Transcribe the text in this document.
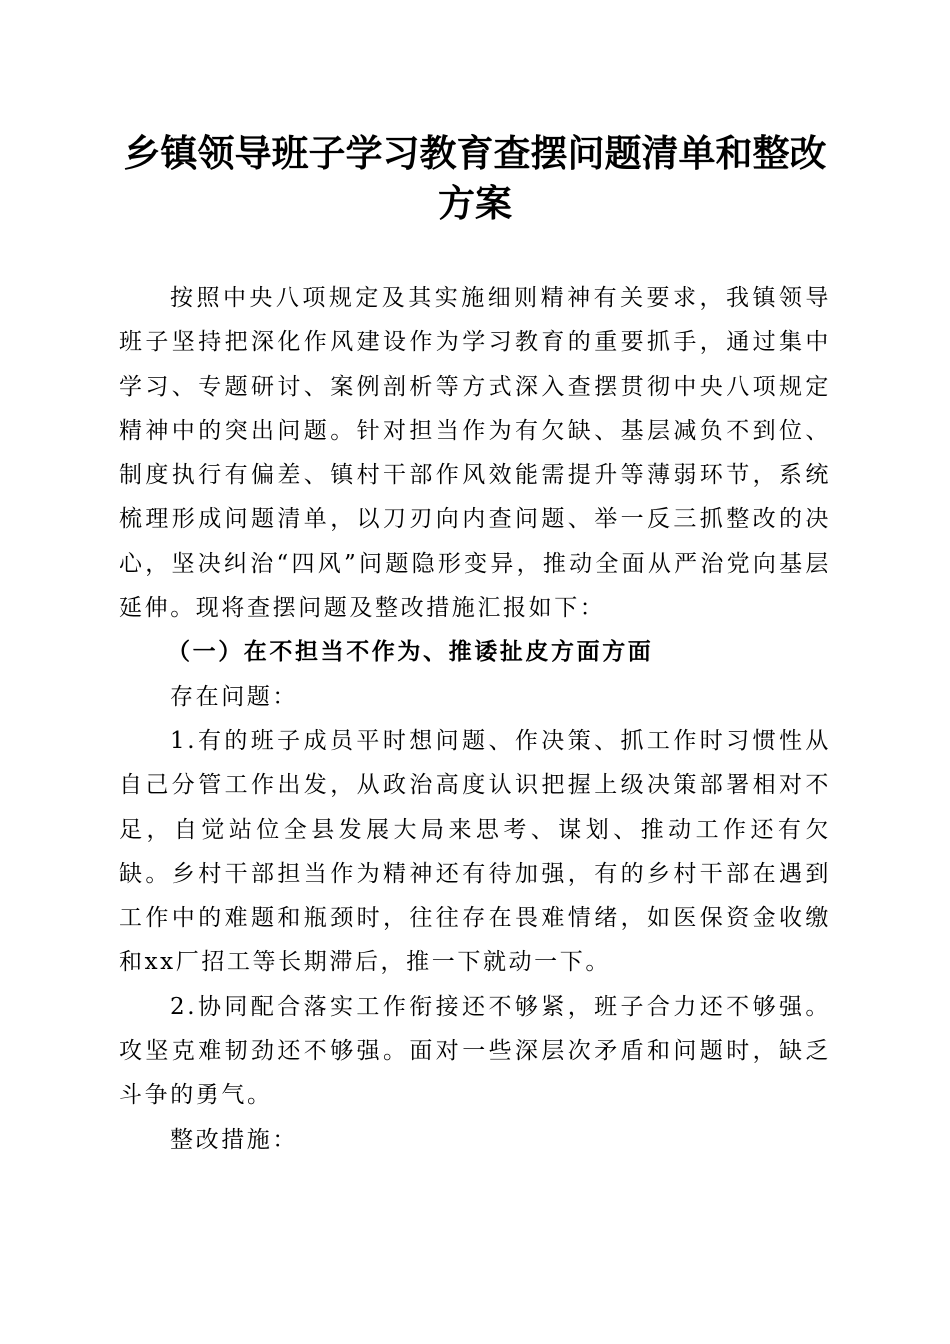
乡镇领导班子学习教育查摆问题清单和整改方案

按照中央八项规定及其实施细则精神有关要求，我镇领导班子坚持把深化作风建设作为学习教育的重要抓手，通过集中学习、专题研讨、案例剖析等方式深入查摆贯彻中央八项规定精神中的突出问题。针对担当作为有欠缺、基层减负不到位、制度执行有偏差、镇村干部作风效能需提升等薄弱环节，系统梳理形成问题清单，以刀刃向内查问题、举一反三抓整改的决心，坚决纠治“四风”问题隐形变异，推动全面从严治党向基层延伸。现将查摆问题及整改措施汇报如下：

（一）在不担当不作为、推诿扯皮方面方面

存在问题：

1.有的班子成员平时想问题、作决策、抓工作时习惯性从自己分管工作出发，从政治高度认识把握上级决策部署相对不足，自觉站位全县发展大局来思考、谋划、推动工作还有欠缺。乡村干部担当作为精神还有待加强，有的乡村干部在遇到工作中的难题和瓶颈时，往往存在畏难情绪，如医保资金收缴和xx厂招工等长期滞后，推一下就动一下。

2.协同配合落实工作衔接还不够紧，班子合力还不够强。攻坚克难韧劲还不够强。面对一些深层次矛盾和问题时，缺乏斗争的勇气。

整改措施：
